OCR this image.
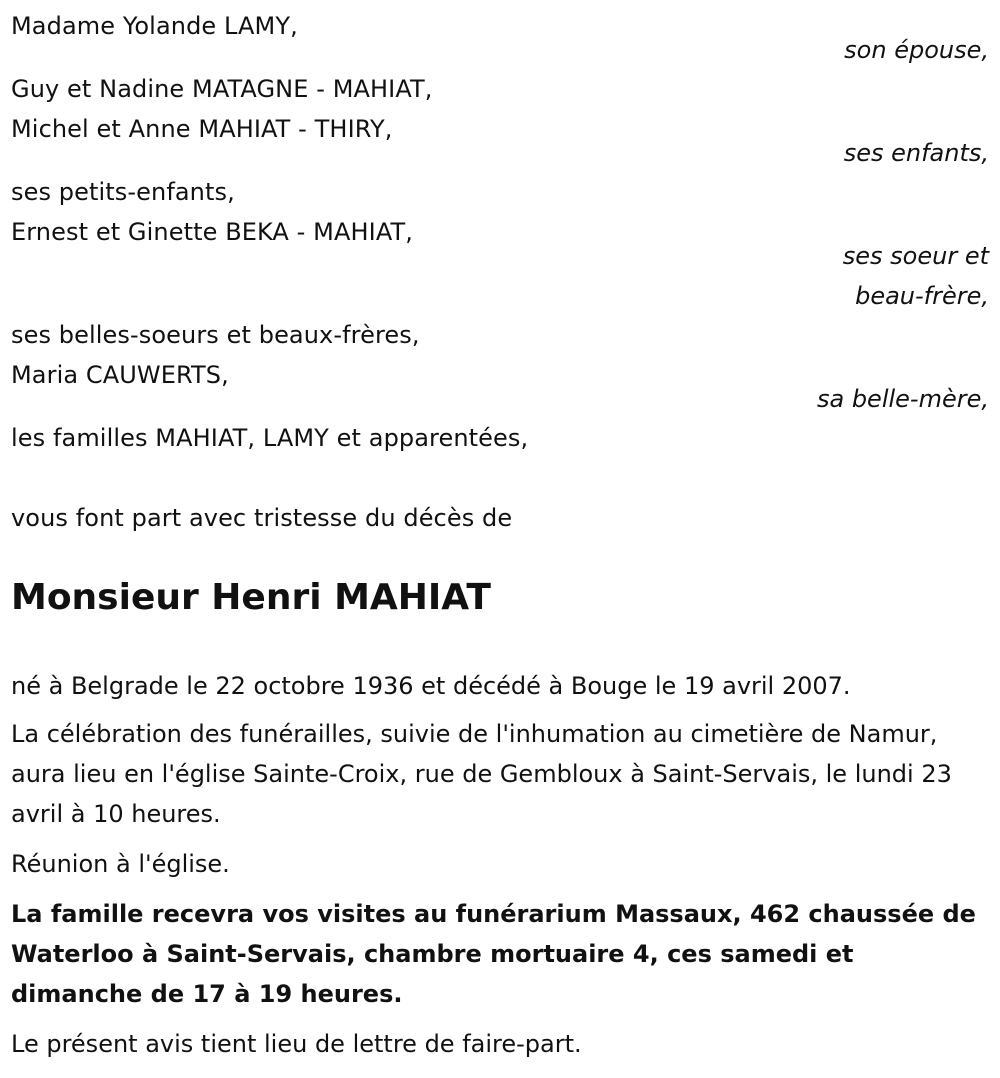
Madame Yolande LAMY,
son épouse,
Guy et Nadine MATAGNE - MAHIAT,
Michel et Anne MAHIAT - THIRY,
ses enfants,
ses petits-enfants,
Ernest et Ginette BEKA - MAHIAT,
ses soeur et
beau-frère,
ses belles-soeurs et beaux-frères,
Maria CAUWERTS,
sa belle-mère,
les familles MAHIAT, LAMY et apparentées,
vous font part avec tristesse du décès de
Monsieur Henri MAHIAT
né à Belgrade le 22 octobre 1936 et décédé à Bouge le 19 avril 2007.
La célébration des funérailles, suivie de l'inhumation au cimetière de Namur, aura lieu en l'église Sainte-Croix, rue de Gembloux à Saint-Servais, le lundi 23 avril à 10 heures.
Réunion à l'église.
La famille recevra vos visites au funérarium Massaux, 462 chaussée de Waterloo à Saint-Servais, chambre mortuaire 4, ces samedi et dimanche de 17 à 19 heures.
Le présent avis tient lieu de lettre de faire-part.
